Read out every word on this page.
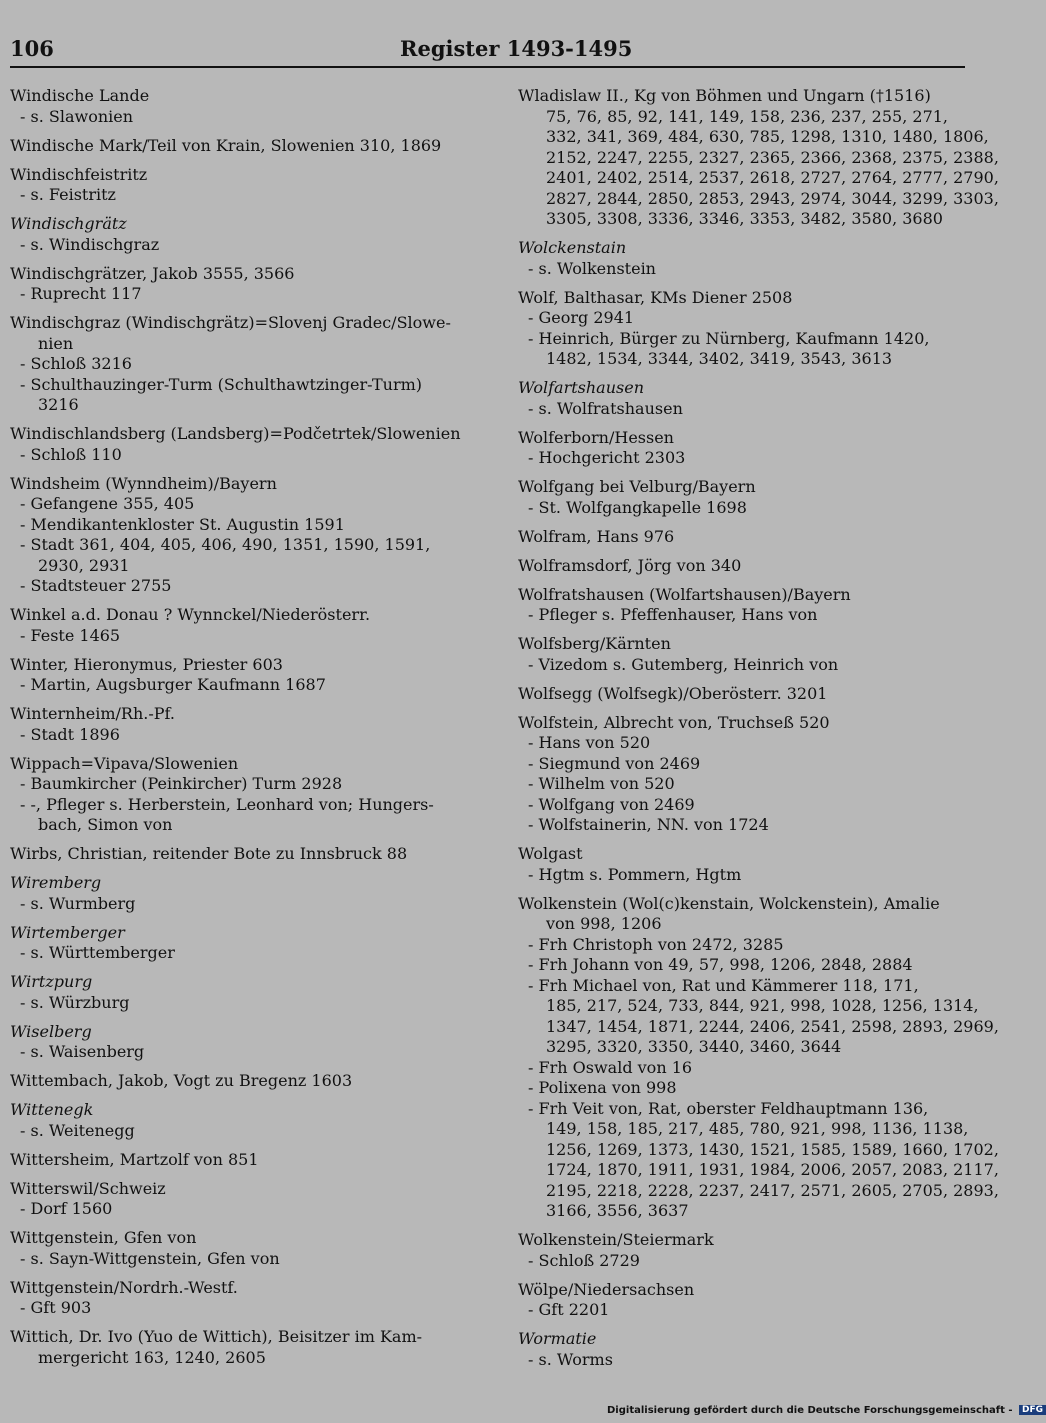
106	Register 1493-1495
Windische Lande
- s. Slawonien
Windische Mark/Teil von Krain, Slowenien 310, 1869
Windischfeistritz
- s. Feistritz
Windischgrätz
- s. Windischgraz
Windischgrätzer, Jakob 3555, 3566
- Ruprecht 117
Windischgraz (Windischgrätz)=Slovenj Gradec/Slowe-
nien
- Schloß 3216
- Schulthauzinger-Turm (Schulthawtzinger-Turm)
3216
Windischlandsberg (Landsberg)=Podčetrtek/Slowenien
- Schloß 110
Windsheim (Wynndheim)/Bayern
- Gefangene 355, 405
- Mendikantenkloster St. Augustin 1591
- Stadt 361, 404, 405, 406, 490, 1351, 1590, 1591,
2930, 2931
- Stadtsteuer 2755
Winkel a.d. Donau ? Wynnckel/Niederösterr.
- Feste 1465
Winter, Hieronymus, Priester 603
- Martin, Augsburger Kaufmann 1687
Winternheim/Rh.-Pf.
- Stadt 1896
Wippach=Vipava/Slowenien
- Baumkircher (Peinkircher) Turm 2928
- -, Pfleger s. Herberstein, Leonhard von; Hungers-
bach, Simon von
Wirbs, Christian, reitender Bote zu Innsbruck 88
Wiremberg
- s. Wurmberg
Wirtemberger
- s. Württemberger
Wirtzpurg
- s. Würzburg
Wiselberg
- s. Waisenberg
Wittembach, Jakob, Vogt zu Bregenz 1603
Wittenegk
- s. Weitenegg
Wittersheim, Martzolf von 851
Witterswil/Schweiz
- Dorf 1560
Wittgenstein, Gfen von
- s. Sayn-Wittgenstein, Gfen von
Wittgenstein/Nordrh.-Westf.
- Gft 903
Wittich, Dr. Ivo (Yuo de Wittich), Beisitzer im Kam-
mergericht 163, 1240, 2605
Wladislaw II., Kg von Böhmen und Ungarn (†1516)
75, 76, 85, 92, 141, 149, 158, 236, 237, 255, 271,
332, 341, 369, 484, 630, 785, 1298, 1310, 1480, 1806,
2152, 2247, 2255, 2327, 2365, 2366, 2368, 2375, 2388,
2401, 2402, 2514, 2537, 2618, 2727, 2764, 2777, 2790,
2827, 2844, 2850, 2853, 2943, 2974, 3044, 3299, 3303,
3305, 3308, 3336, 3346, 3353, 3482, 3580, 3680
Wolckenstain
- s. Wolkenstein
Wolf, Balthasar, KMs Diener 2508
- Georg 2941
- Heinrich, Bürger zu Nürnberg, Kaufmann 1420,
1482, 1534, 3344, 3402, 3419, 3543, 3613
Wolfartshausen
- s. Wolfratshausen
Wolferborn/Hessen
- Hochgericht 2303
Wolfgang bei Velburg/Bayern
- St. Wolfgangkapelle 1698
Wolfram, Hans 976
Wolframsdorf, Jörg von 340
Wolfratshausen (Wolfartshausen)/Bayern
- Pfleger s. Pfeffenhauser, Hans von
Wolfsberg/Kärnten
- Vizedom s. Gutemberg, Heinrich von
Wolfsegg (Wolfsegk)/Oberösterr. 3201
Wolfstein, Albrecht von, Truchseß 520
- Hans von 520
- Siegmund von 2469
- Wilhelm von 520
- Wolfgang von 2469
- Wolfstainerin, NN. von 1724
Wolgast
- Hgtm s. Pommern, Hgtm
Wolkenstein (Wol(c)kenstain, Wolckenstein), Amalie
von 998, 1206
- Frh Christoph von 2472, 3285
- Frh Johann von 49, 57, 998, 1206, 2848, 2884
- Frh Michael von, Rat und Kämmerer 118, 171,
185, 217, 524, 733, 844, 921, 998, 1028, 1256, 1314,
1347, 1454, 1871, 2244, 2406, 2541, 2598, 2893, 2969,
3295, 3320, 3350, 3440, 3460, 3644
- Frh Oswald von 16
- Polixena von 998
- Frh Veit von, Rat, oberster Feldhauptmann 136,
149, 158, 185, 217, 485, 780, 921, 998, 1136, 1138,
1256, 1269, 1373, 1430, 1521, 1585, 1589, 1660, 1702,
1724, 1870, 1911, 1931, 1984, 2006, 2057, 2083, 2117,
2195, 2218, 2228, 2237, 2417, 2571, 2605, 2705, 2893,
3166, 3556, 3637
Wolkenstein/Steiermark
- Schloß 2729
Wölpe/Niedersachsen
- Gft 2201
Wormatie
- s. Worms
Digitalisierung gefördert durch die Deutsche Forschungsgemeinschaft - DFG
